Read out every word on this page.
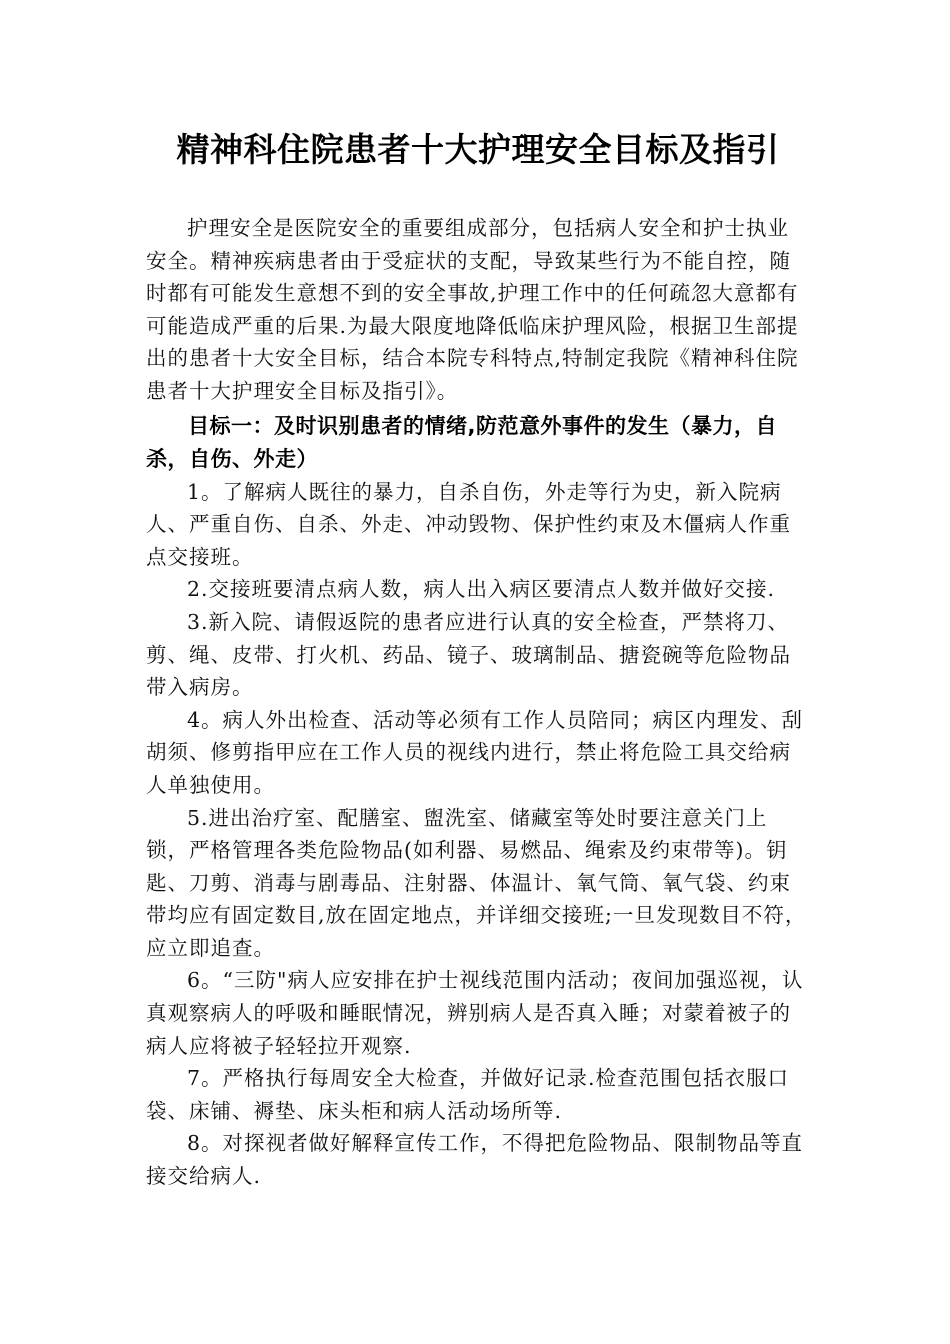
精神科住院患者十大护理安全目标及指引

护理安全是医院安全的重要组成部分，包括病人安全和护士执业安全。精神疾病患者由于受症状的支配，导致某些行为不能自控，随时都有可能发生意想不到的安全事故,护理工作中的任何疏忽大意都有可能造成严重的后果.为最大限度地降低临床护理风险，根据卫生部提出的患者十大安全目标，结合本院专科特点,特制定我院《精神科住院患者十大护理安全目标及指引》。

目标一：及时识别患者的情绪,防范意外事件的发生（暴力，自杀，自伤、外走）

1。了解病人既往的暴力，自杀自伤，外走等行为史，新入院病人、严重自伤、自杀、外走、冲动毁物、保护性约束及木僵病人作重点交接班。

2.交接班要清点病人数，病人出入病区要清点人数并做好交接.

3.新入院、请假返院的患者应进行认真的安全检查，严禁将刀、剪、绳、皮带、打火机、药品、镜子、玻璃制品、搪瓷碗等危险物品带入病房。

4。病人外出检查、活动等必须有工作人员陪同；病区内理发、刮胡须、修剪指甲应在工作人员的视线内进行，禁止将危险工具交给病人单独使用。

5.进出治疗室、配膳室、盥洗室、储藏室等处时要注意关门上锁，严格管理各类危险物品(如利器、易燃品、绳索及约束带等)。钥匙、刀剪、消毒与剧毒品、注射器、体温计、氧气筒、氧气袋、约束带均应有固定数目,放在固定地点，并详细交接班;一旦发现数目不符，应立即追查。

6。“三防"病人应安排在护士视线范围内活动；夜间加强巡视，认真观察病人的呼吸和睡眠情况，辨别病人是否真入睡；对蒙着被子的病人应将被子轻轻拉开观察.

7。严格执行每周安全大检查，并做好记录.检查范围包括衣服口袋、床铺、褥垫、床头柜和病人活动场所等.

8。对探视者做好解释宣传工作，不得把危险物品、限制物品等直接交给病人.
